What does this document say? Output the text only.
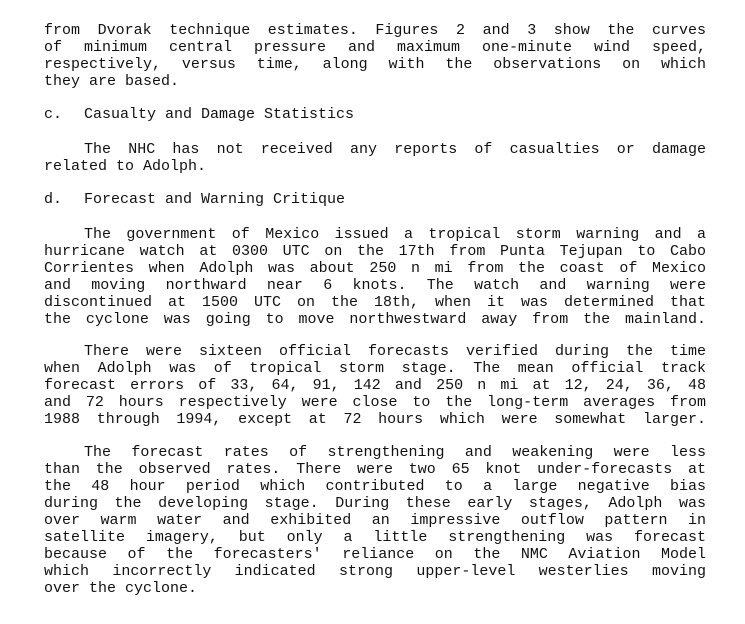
from Dvorak technique estimates. Figures 2 and 3 show the curves
of minimum central pressure and maximum one-minute wind speed,
respectively, versus time, along with the observations on which
they are based.
c. Casualty and Damage Statistics
The NHC has not received any reports of casualties or damage
related to Adolph.
d. Forecast and Warning Critique
The government of Mexico issued a tropical storm warning and a
hurricane watch at 0300 UTC on the 17th from Punta Tejupan to Cabo
Corrientes when Adolph was about 250 n mi from the coast of Mexico
and moving northward near 6 knots. The watch and warning were
discontinued at 1500 UTC on the 18th, when it was determined that
the cyclone was going to move northwestward away from the mainland.
There were sixteen official forecasts verified during the time
when Adolph was of tropical storm stage. The mean official track
forecast errors of 33, 64, 91, 142 and 250 n mi at 12, 24, 36, 48
and 72 hours respectively were close to the long-term averages from
1988 through 1994, except at 72 hours which were somewhat larger.
The forecast rates of strengthening and weakening were less
than the observed rates. There were two 65 knot under-forecasts at
the 48 hour period which contributed to a large negative bias
during the developing stage. During these early stages, Adolph was
over warm water and exhibited an impressive outflow pattern in
satellite imagery, but only a little strengthening was forecast
because of the forecasters' reliance on the NMC Aviation Model
which incorrectly indicated strong upper-level westerlies moving
over the cyclone.
